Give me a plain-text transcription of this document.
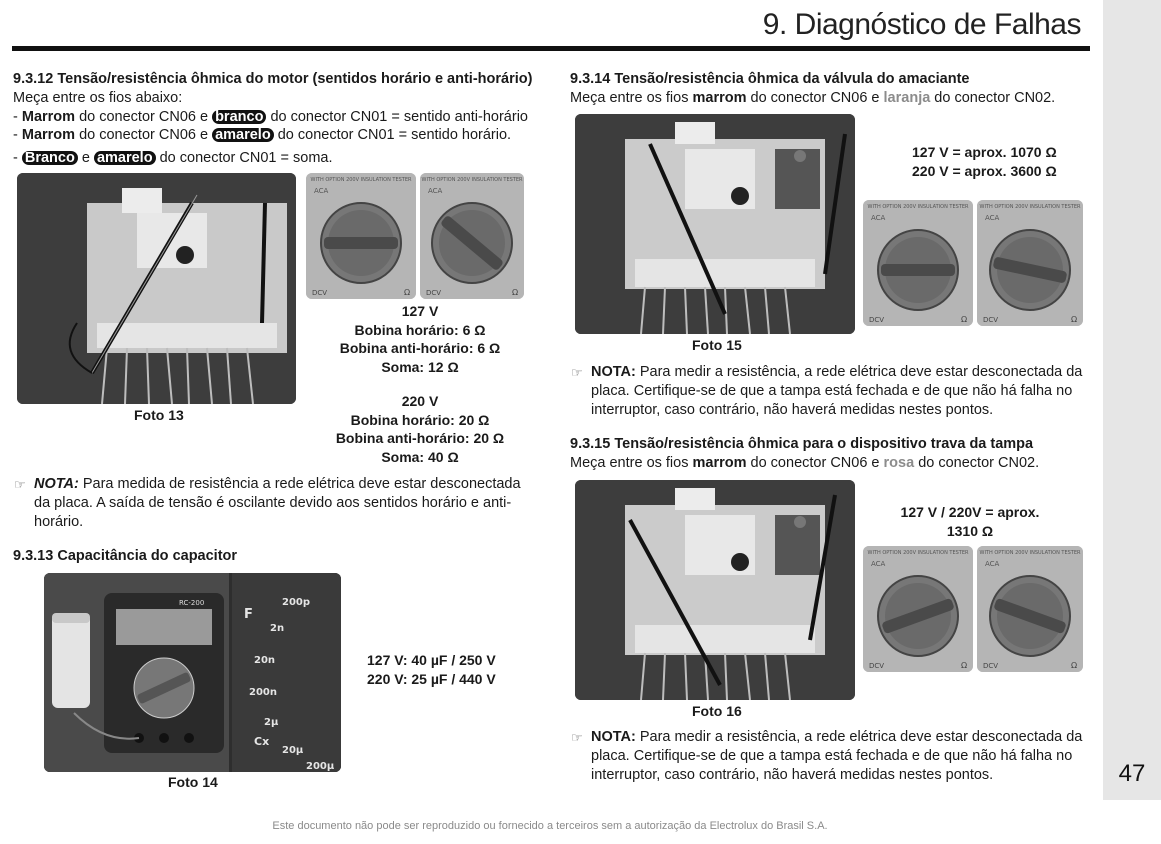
9. Diagnóstico de Falhas
9.3.12 Tensão/resistência ôhmica do motor (sentidos horário e anti-horário)
Meça entre os fios abaixo:
- Marrom do conector CN06 e branco do conector CN01 = sentido anti-horário
- Marrom do conector CN06 e amarelo do conector CN01 = sentido horário.
- Branco e amarelo do conector CN01 = soma.
Foto 13
WITH OPTION 200V INSULATION TESTER
ACA
DCV	Ω
WITH OPTION 200V INSULATION TESTER
ACA
DCV	Ω
127 V
Bobina horário: 6 Ω
Bobina anti-horário: 6 Ω
Soma: 12 Ω
220 V
Bobina horário: 20 Ω
Bobina anti-horário: 20 Ω
Soma: 40 Ω
☞ NOTA: Para medida de resistência a rede elétrica deve estar desconectada
da placa. A saída de tensão é oscilante devido aos sentidos horário e anti-
horário.
9.3.13 Capacitância do capacitor
RC-200
F
200p
2n
20n
200n
2µ
20µ
200µ
Cx
Foto 14
127 V: 40 µF / 250 V
220 V: 25 µF / 440 V
9.3.14 Tensão/resistência ôhmica da válvula do amaciante
Meça entre os fios marrom do conector CN06 e laranja do conector CN02.
Foto 15
127 V = aprox. 1070 Ω
220 V = aprox. 3600 Ω
WITH OPTION 200V INSULATION TESTER
ACA
DCV	Ω
WITH OPTION 200V INSULATION TESTER
ACA
DCV	Ω
☞ NOTA: Para medir a resistência, a rede elétrica deve estar desconectada da
placa. Certifique-se de que a tampa está fechada e de que não há falha no
interruptor, caso contrário, não haverá medidas nestes pontos.
9.3.15 Tensão/resistência ôhmica para o dispositivo trava da tampa
Meça entre os fios marrom do conector CN06 e rosa do conector CN02.
Foto 16
127 V / 220V = aprox.
1310 Ω
WITH OPTION 200V INSULATION TESTER
ACA
DCV	Ω
WITH OPTION 200V INSULATION TESTER
ACA
DCV	Ω
☞ NOTA: Para medir a resistência, a rede elétrica deve estar desconectada da
placa. Certifique-se de que a tampa está fechada e de que não há falha no
interruptor, caso contrário, não haverá medidas nestes pontos.	47
Este documento não pode ser reproduzido ou fornecido a terceiros sem a autorização da Electrolux do Brasil S.A.
